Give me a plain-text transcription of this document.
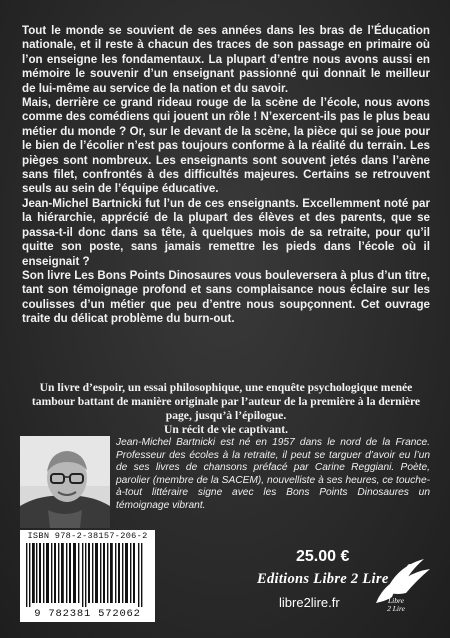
Tout le monde se souvient de ses années dans les bras de l’Éducation nationale, et il reste à chacun des traces de son passage en primaire où l’on enseigne les fondamentaux. La plupart d’entre nous avons aussi en mémoire le souvenir d’un enseignant passionné qui donnait le meilleur de lui-même au service de la nation et du savoir.

Mais, derrière ce grand rideau rouge de la scène de l’école, nous avons comme des comédiens qui jouent un rôle ! N’exercent-ils pas le plus beau métier du monde ? Or, sur le devant de la scène, la pièce qui se joue pour le bien de l’écolier n’est pas toujours conforme à la réalité du terrain. Les pièges sont nombreux. Les enseignants sont souvent jetés dans l’arène sans filet, confrontés à des difficultés majeures. Certains se retrouvent seuls au sein de l’équipe éducative.

Jean-Michel Bartnicki fut l’un de ces enseignants. Excellemment noté par la hiérarchie, apprécié de la plupart des élèves et des parents, que se passa-t-il donc dans sa tête, à quelques mois de sa retraite, pour qu’il quitte son poste, sans jamais remettre les pieds dans l’école où il enseignait ?

Son livre Les Bons Points Dinosaures vous bouleversera à plus d’un titre, tant son témoignage profond et sans complaisance nous éclaire sur les coulisses d’un métier que peu d’entre nous soupçonnent. Cet ouvrage traite du délicat problème du burn-out.

Un livre d’espoir, un essai philosophique, une enquête psychologique menée tambour battant de manière originale par l’auteur de la première à la dernière page, jusqu’à l’épilogue.

Un récit de vie captivant.

Jean-Michel Bartnicki est né en 1957 dans le nord de la France. Professeur des écoles à la retraite, il peut se targuer d’avoir eu l’un de ses livres de chansons préfacé par Carine Reggiani. Poète, parolier (membre de la SACEM), nouvelliste à ses heures, ce touche-à-tout littéraire signe avec les Bons Points Dinosaures un témoignage vibrant.
ISBN 978-2-38157-206-2
9 782381 572062
25.00 €
Editions Libre 2 Lire
libre2lire.fr	Libre
2 Lire
